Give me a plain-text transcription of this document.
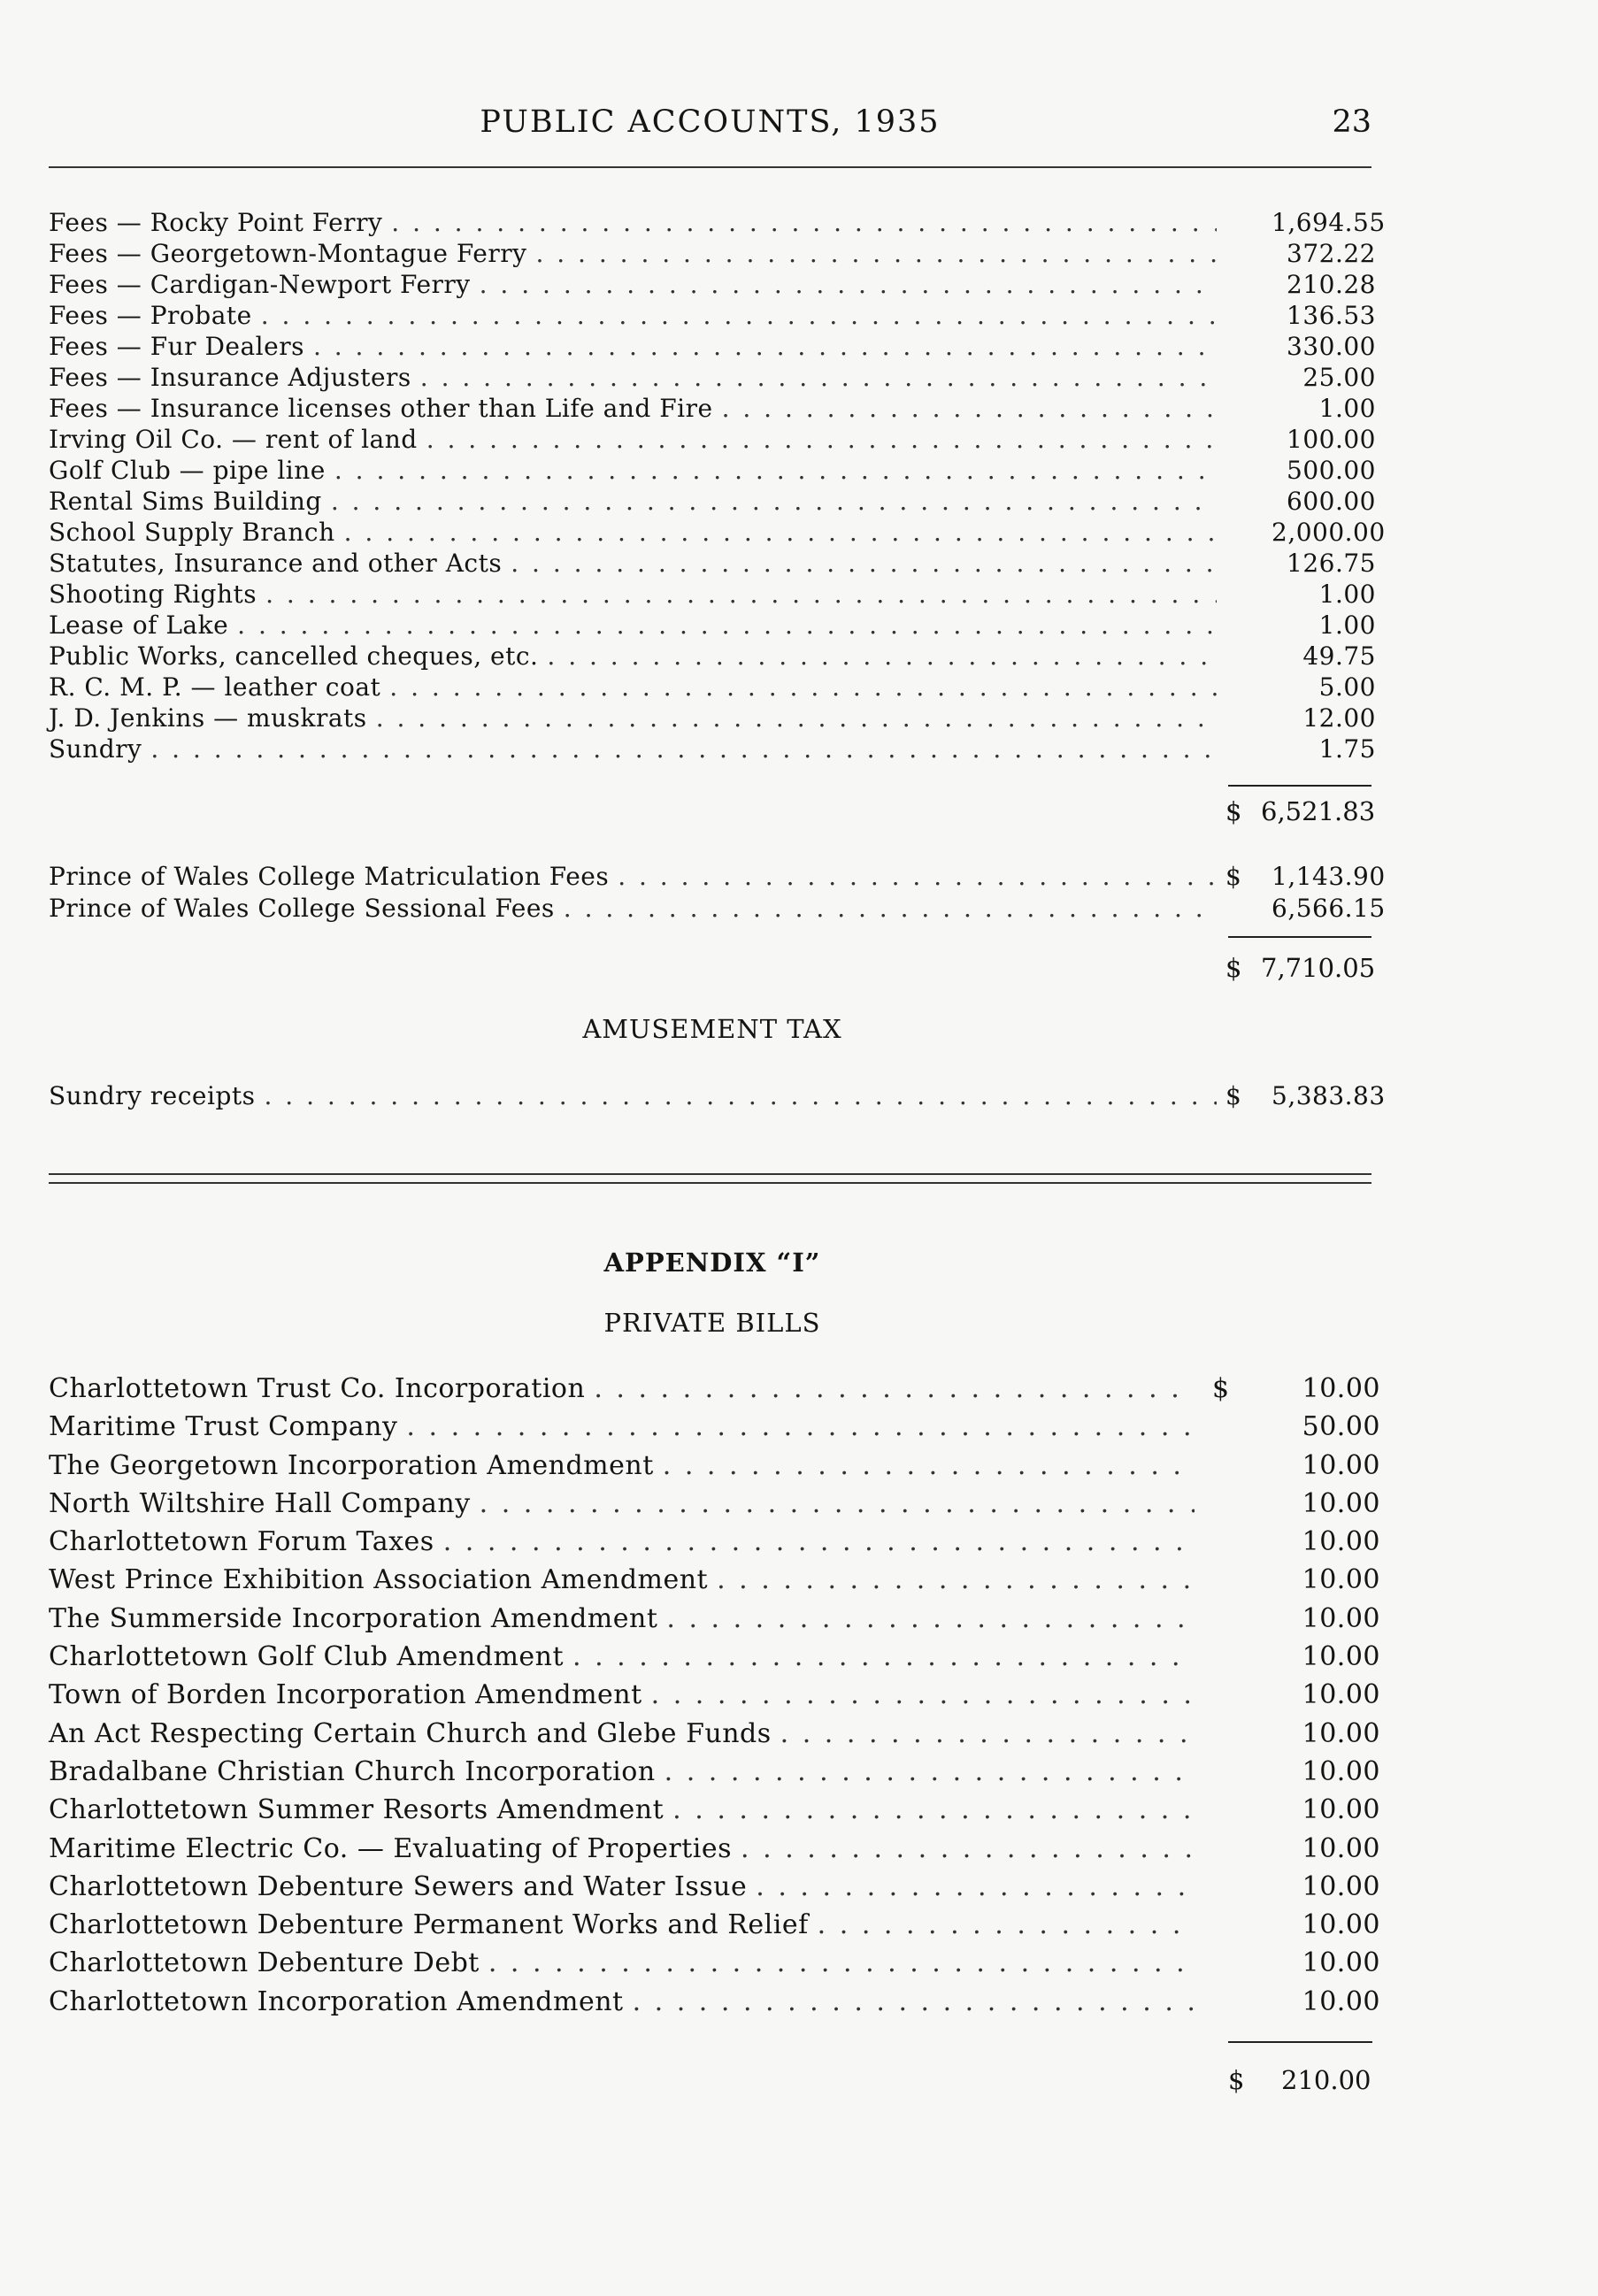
PUBLIC ACCOUNTS, 1935	23
Fees — Rocky Point Ferry . . .	1,694.55
Fees — Georgetown-Montague Ferry . . .	372.22
Fees — Cardigan-Newport Ferry . . .	210.28
Fees — Probate . . .	136.53
Fees — Fur Dealers . . .	330.00
Fees — Insurance Adjusters . . .	25.00
Fees — Insurance licenses other than Life and Fire . . .	1.00
Irving Oil Co. — rent of land . . .	100.00
Golf Club — pipe line . . .	500.00
Rental Sims Building . . .	600.00
School Supply Branch . . .	2,000.00
Statutes, Insurance and other Acts . . .	126.75
Shooting Rights . . .	1.00
Lease of Lake . . .	1.00
Public Works, cancelled cheques, etc. . . .	49.75
R. C. M. P. — leather coat . . .	5.00
J. D. Jenkins — muskrats . . .	12.00
Sundry . . .	1.75
$ 6,521.83
Prince of Wales College Matriculation Fees . . .	$	1,143.90
Prince of Wales College Sessional Fees . . .	6,566.15
$ 7,710.05
AMUSEMENT TAX
Sundry receipts . . .	$	5,383.83
APPENDIX “I”
PRIVATE BILLS
Charlottetown Trust Co. Incorporation . . .	$	10.00
Maritime Trust Company . . .	50.00
The Georgetown Incorporation Amendment . . .	10.00
North Wiltshire Hall Company . . .	10.00
Charlottetown Forum Taxes . . .	10.00
West Prince Exhibition Association Amendment . . .	10.00
The Summerside Incorporation Amendment . . .	10.00
Charlottetown Golf Club Amendment . . .	10.00
Town of Borden Incorporation Amendment . . .	10.00
An Act Respecting Certain Church and Glebe Funds . . .	10.00
Bradalbane Christian Church Incorporation . . .	10.00
Charlottetown Summer Resorts Amendment . . .	10.00
Maritime Electric Co. — Evaluating of Properties . . .	10.00
Charlottetown Debenture Sewers and Water Issue . . .	10.00
Charlottetown Debenture Permanent Works and Relief . . .	10.00
Charlottetown Debenture Debt . . .	10.00
Charlottetown Incorporation Amendment . . .	10.00
$	210.00
